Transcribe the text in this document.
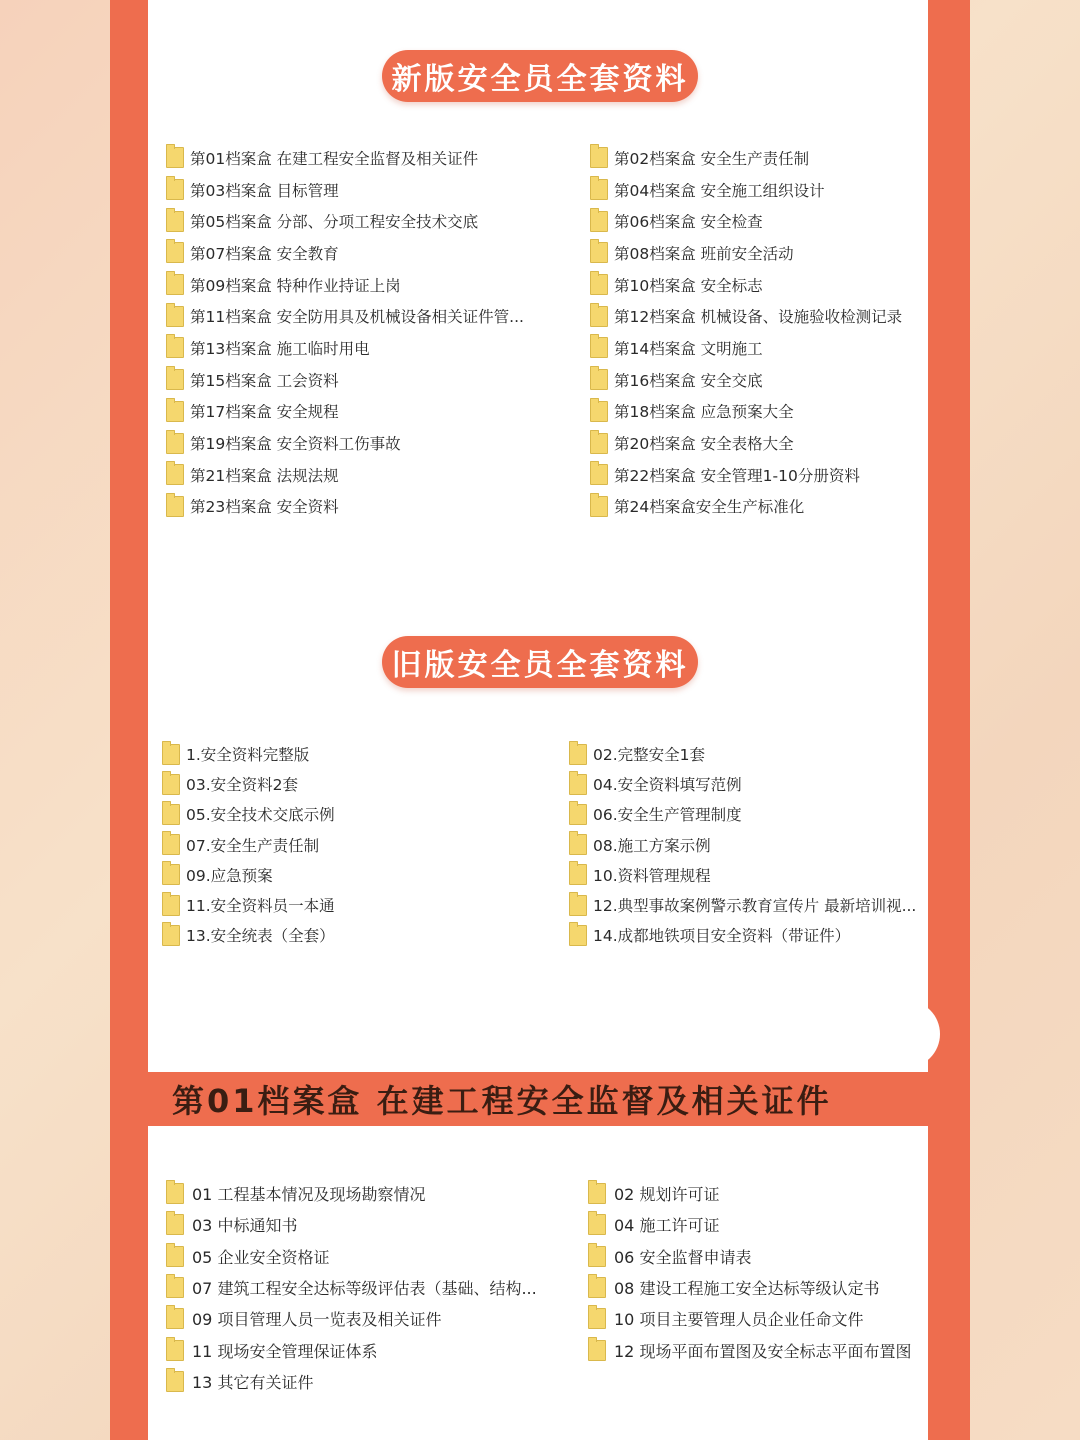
新版安全员全套资料
第01档案盒 在建工程安全监督及相关证件
第03档案盒 目标管理
第05档案盒 分部、分项工程安全技术交底
第07档案盒 安全教育
第09档案盒 特种作业持证上岗
第11档案盒 安全防用具及机械设备相关证件管...
第13档案盒 施工临时用电
第15档案盒 工会资料
第17档案盒 安全规程
第19档案盒 安全资料工伤事故
第21档案盒 法规法规
第23档案盒 安全资料
第02档案盒 安全生产责任制
第04档案盒 安全施工组织设计
第06档案盒 安全检查
第08档案盒 班前安全活动
第10档案盒 安全标志
第12档案盒 机械设备、设施验收检测记录
第14档案盒 文明施工
第16档案盒 安全交底
第18档案盒 应急预案大全
第20档案盒 安全表格大全
第22档案盒 安全管理1-10分册资料
第24档案盒安全生产标准化
旧版安全员全套资料
1.安全资料完整版
03.安全资料2套
05.安全技术交底示例
07.安全生产责任制
09.应急预案
11.安全资料员一本通
13.安全统表（全套）
02.完整安全1套
04.安全资料填写范例
06.安全生产管理制度
08.施工方案示例
10.资料管理规程
12.典型事故案例警示教育宣传片 最新培训视...
14.成都地铁项目安全资料（带证件）
第01档案盒 在建工程安全监督及相关证件
01 工程基本情况及现场勘察情况
03 中标通知书
05 企业安全资格证
07 建筑工程安全达标等级评估表（基础、结构...
09 项目管理人员一览表及相关证件
11 现场安全管理保证体系
13 其它有关证件
02 规划许可证
04 施工许可证
06 安全监督申请表
08 建设工程施工安全达标等级认定书
10 项目主要管理人员企业任命文件
12 现场平面布置图及安全标志平面布置图
